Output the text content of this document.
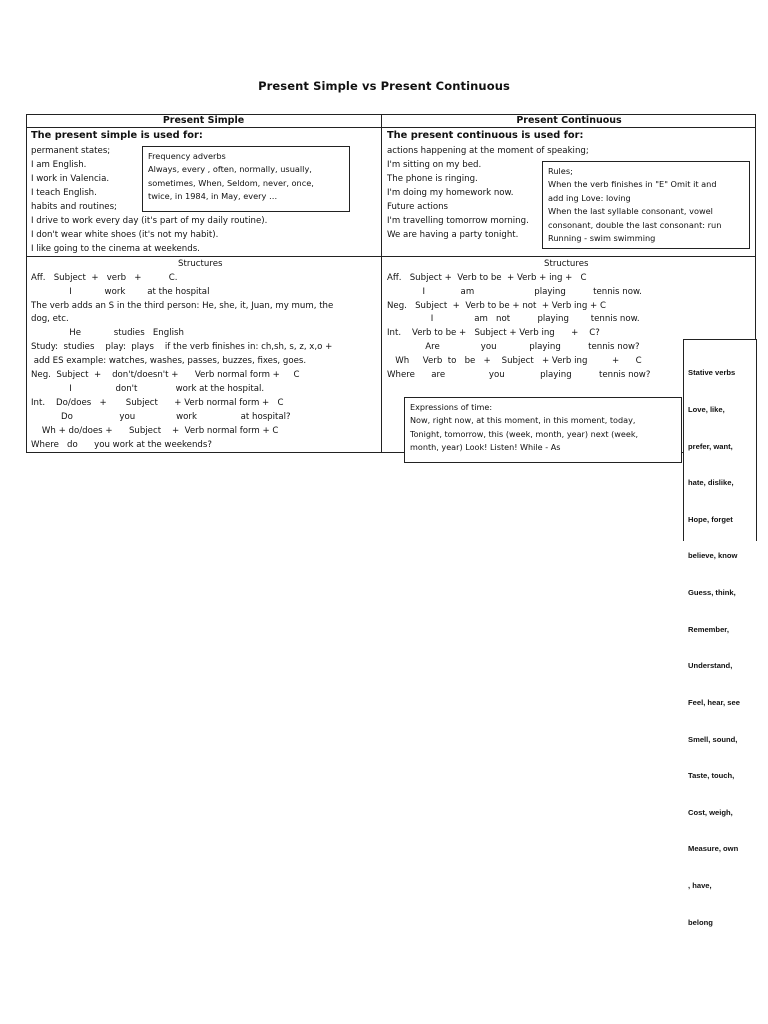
Present Simple vs Present Continuous
Present Simple	Present Continuous
The present simple is used for:
permanent states;
I am English.
I work in Valencia.
I teach English.
habits and routines;
I drive to work every day (it's part of my daily routine).
I don't wear white shoes (it's not my habit).
I like going to the cinema at weekends.

Frequency adverbs

Always, every , often, normally, usually,

sometimes, When, Seldom, never, once,

twice, in 1984, in May, every …

Structures
Aff.   Subject  +   verb   +          C.
I            work        at the hospital
The verb adds an S in the third person: He, she, it, Juan, my mum, the
dog, etc.
He            studies   English
Study:  studies    play:  plays    if the verb finishes in: ch,sh, s, z, x,o +
add ES example: watches, washes, passes, buzzes, fixes, goes.
Neg.  Subject  +    don't/doesn't +      Verb normal form +     C
I                don't              work at the hospital.
Int.    Do/does   +       Subject      + Verb normal form +   C
Do                 you               work                at hospital?
Wh + do/does +      Subject    +  Verb normal form + C
Where   do      you work at the weekends?
The present continuous is used for:
actions happening at the moment of speaking;
I'm sitting on my bed.
The phone is ringing.
I'm doing my homework now.
Future actions
I'm travelling tomorrow morning.
We are having a party tonight.

Rules;

When the verb finishes in "E" Omit it and

add ing Love: loving

When the last syllable consonant, vowel

consonant, double the last consonant: run

Running - swim swimming

Structures
Aff.   Subject +  Verb to be  + Verb + ing +   C
I             am                      playing          tennis now.
Neg.   Subject  +  Verb to be + not  + Verb ing + C
I               am   not          playing        tennis now.
Int.    Verb to be +   Subject + Verb ing      +    C?
Are               you            playing          tennis now?
Wh     Verb  to   be   +    Subject   + Verb ing         +      C
Where      are                you             playing          tennis now?

Expressions of time:

Now, right now, at this moment, in this moment, today,

Tonight, tomorrow, this (week, month, year) next (week,

month, year) Look! Listen! While - As

Stative verbs

Love, like,

prefer, want,

hate, dislike,

Hope, forget

believe, know

Guess, think,

Remember,

Understand,

Feel, hear, see

Smell, sound,

Taste, touch,

Cost, weigh,

Measure, own

, have,

belong
